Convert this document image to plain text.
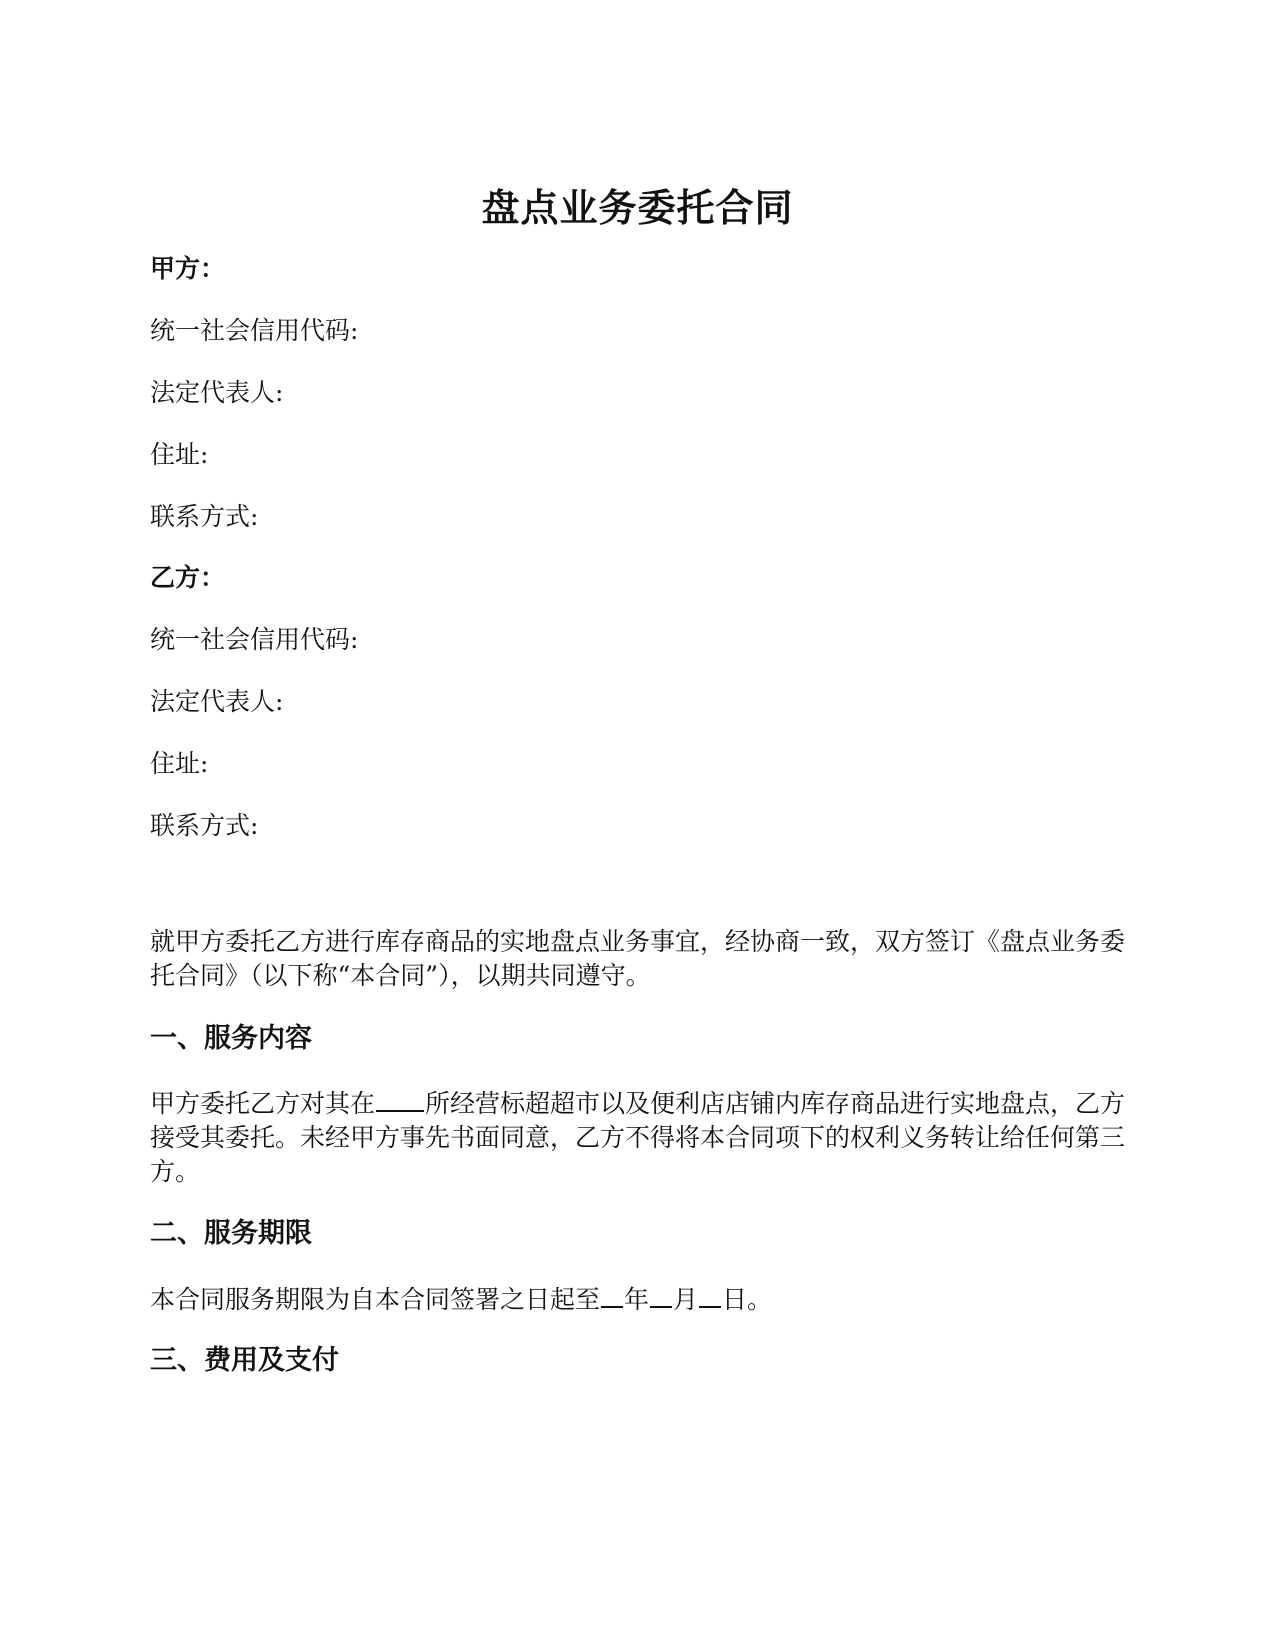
盘点业务委托合同
甲方：
统一社会信用代码:
法定代表人:
住址:
联系方式:
乙方：
统一社会信用代码:
法定代表人:
住址:
联系方式:
就甲方委托乙方进行库存商品的实地盘点业务事宜，经协商一致，双方签订《盘点业务委托合同》（以下称“本合同”），以期共同遵守。
一、服务内容
甲方委托乙方对其在 所经营标超超市以及便利店店铺内库存商品进行实地盘点，乙方接受其委托。未经甲方事先书面同意，乙方不得将本合同项下的权利义务转让给任何第三方。
二、服务期限
本合同服务期限为自本合同签署之日起至 年 月 日。
三、费用及支付
